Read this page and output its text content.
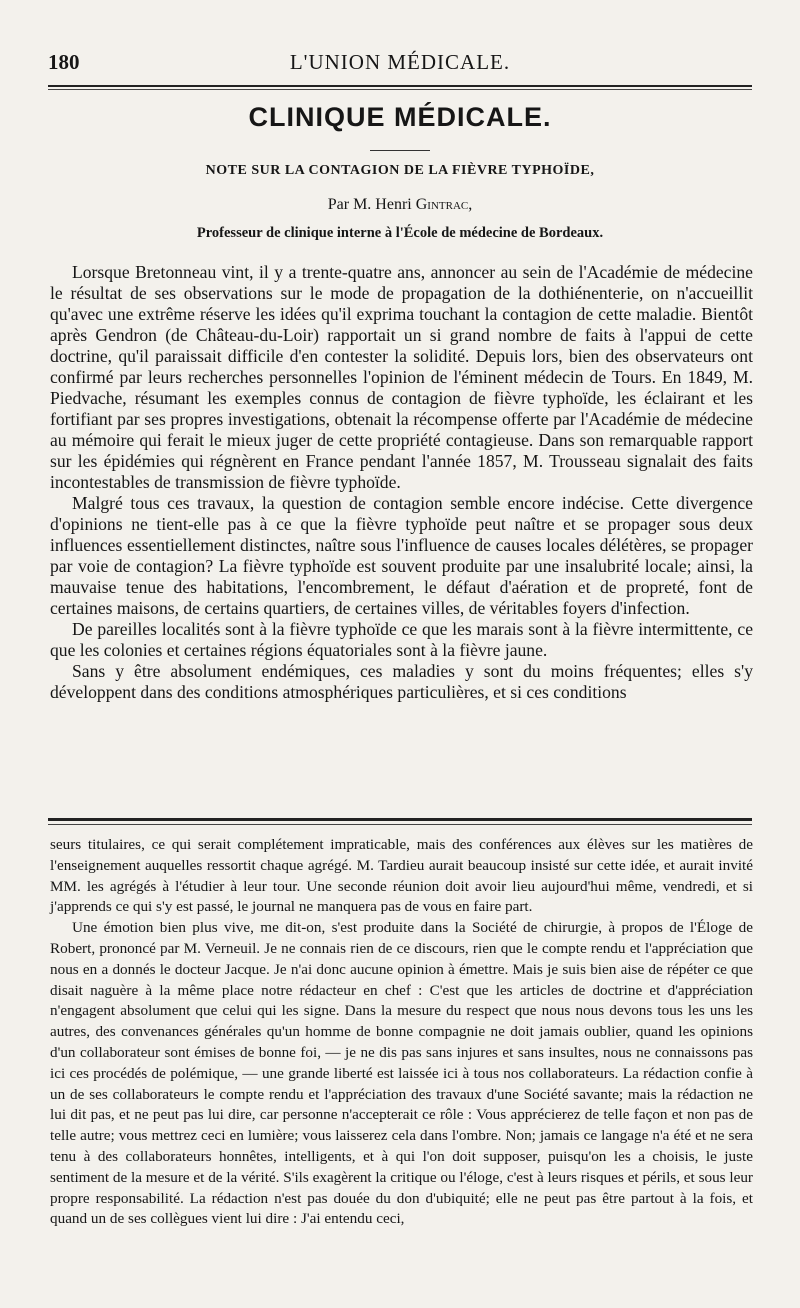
180	L'UNION MÉDICALE.
CLINIQUE MÉDICALE.
NOTE SUR LA CONTAGION DE LA FIÈVRE TYPHOÏDE,
Par M. Henri Gintrac,
Professeur de clinique interne à l'École de médecine de Bordeaux.

Lorsque Bretonneau vint, il y a trente-quatre ans, annoncer au sein de l'Académie de médecine le résultat de ses observations sur le mode de propagation de la dothiénenterie, on n'accueillit qu'avec une extrême réserve les idées qu'il exprima touchant la contagion de cette maladie. Bientôt après Gendron (de Château-du-Loir) rapportait un si grand nombre de faits à l'appui de cette doctrine, qu'il paraissait difficile d'en contester la solidité. Depuis lors, bien des observateurs ont confirmé par leurs recherches personnelles l'opinion de l'éminent médecin de Tours. En 1849, M. Piedvache, résumant les exemples connus de contagion de fièvre typhoïde, les éclairant et les fortifiant par ses propres investigations, obtenait la récompense offerte par l'Académie de médecine au mémoire qui ferait le mieux juger de cette propriété contagieuse. Dans son remarquable rapport sur les épidémies qui régnèrent en France pendant l'année 1857, M. Trousseau signalait des faits incontestables de transmission de fièvre typhoïde.

Malgré tous ces travaux, la question de contagion semble encore indécise. Cette divergence d'opinions ne tient-elle pas à ce que la fièvre typhoïde peut naître et se propager sous deux influences essentiellement distinctes, naître sous l'influence de causes locales délétères, se propager par voie de contagion? La fièvre typhoïde est souvent produite par une insalubrité locale; ainsi, la mauvaise tenue des habitations, l'encombrement, le défaut d'aération et de propreté, font de certaines maisons, de certains quartiers, de certaines villes, de véritables foyers d'infection.

De pareilles localités sont à la fièvre typhoïde ce que les marais sont à la fièvre intermittente, ce que les colonies et certaines régions équatoriales sont à la fièvre jaune.

Sans y être absolument endémiques, ces maladies y sont du moins fréquentes; elles s'y développent dans des conditions atmosphériques particulières, et si ces conditions

seurs titulaires, ce qui serait complétement impraticable, mais des conférences aux élèves sur les matières de l'enseignement auquelles ressortit chaque agrégé. M. Tardieu aurait beaucoup insisté sur cette idée, et aurait invité MM. les agrégés à l'étudier à leur tour. Une seconde réunion doit avoir lieu aujourd'hui même, vendredi, et si j'apprends ce qui s'y est passé, le journal ne manquera pas de vous en faire part.

Une émotion bien plus vive, me dit-on, s'est produite dans la Société de chirurgie, à propos de l'Éloge de Robert, prononcé par M. Verneuil. Je ne connais rien de ce discours, rien que le compte rendu et l'appréciation que nous en a donnés le docteur Jacque. Je n'ai donc aucune opinion à émettre. Mais je suis bien aise de répéter ce que disait naguère à la même place notre rédacteur en chef : C'est que les articles de doctrine et d'appréciation n'engagent absolument que celui qui les signe. Dans la mesure du respect que nous nous devons tous les uns les autres, des convenances générales qu'un homme de bonne compagnie ne doit jamais oublier, quand les opinions d'un collaborateur sont émises de bonne foi, — je ne dis pas sans injures et sans insultes, nous ne connaissons pas ici ces procédés de polémique, — une grande liberté est laissée ici à tous nos collaborateurs. La rédaction confie à un de ses collaborateurs le compte rendu et l'appréciation des travaux d'une Société savante; mais la rédaction ne lui dit pas, et ne peut pas lui dire, car personne n'accepterait ce rôle : Vous apprécierez de telle façon et non pas de telle autre; vous mettrez ceci en lumière; vous laisserez cela dans l'ombre. Non; jamais ce langage n'a été et ne sera tenu à des collaborateurs honnêtes, intelligents, et à qui l'on doit supposer, puisqu'on les a choisis, le juste sentiment de la mesure et de la vérité. S'ils exagèrent la critique ou l'éloge, c'est à leurs risques et périls, et sous leur propre responsabilité. La rédaction n'est pas douée du don d'ubiquité; elle ne peut pas être partout à la fois, et quand un de ses collègues vient lui dire : J'ai entendu ceci,
